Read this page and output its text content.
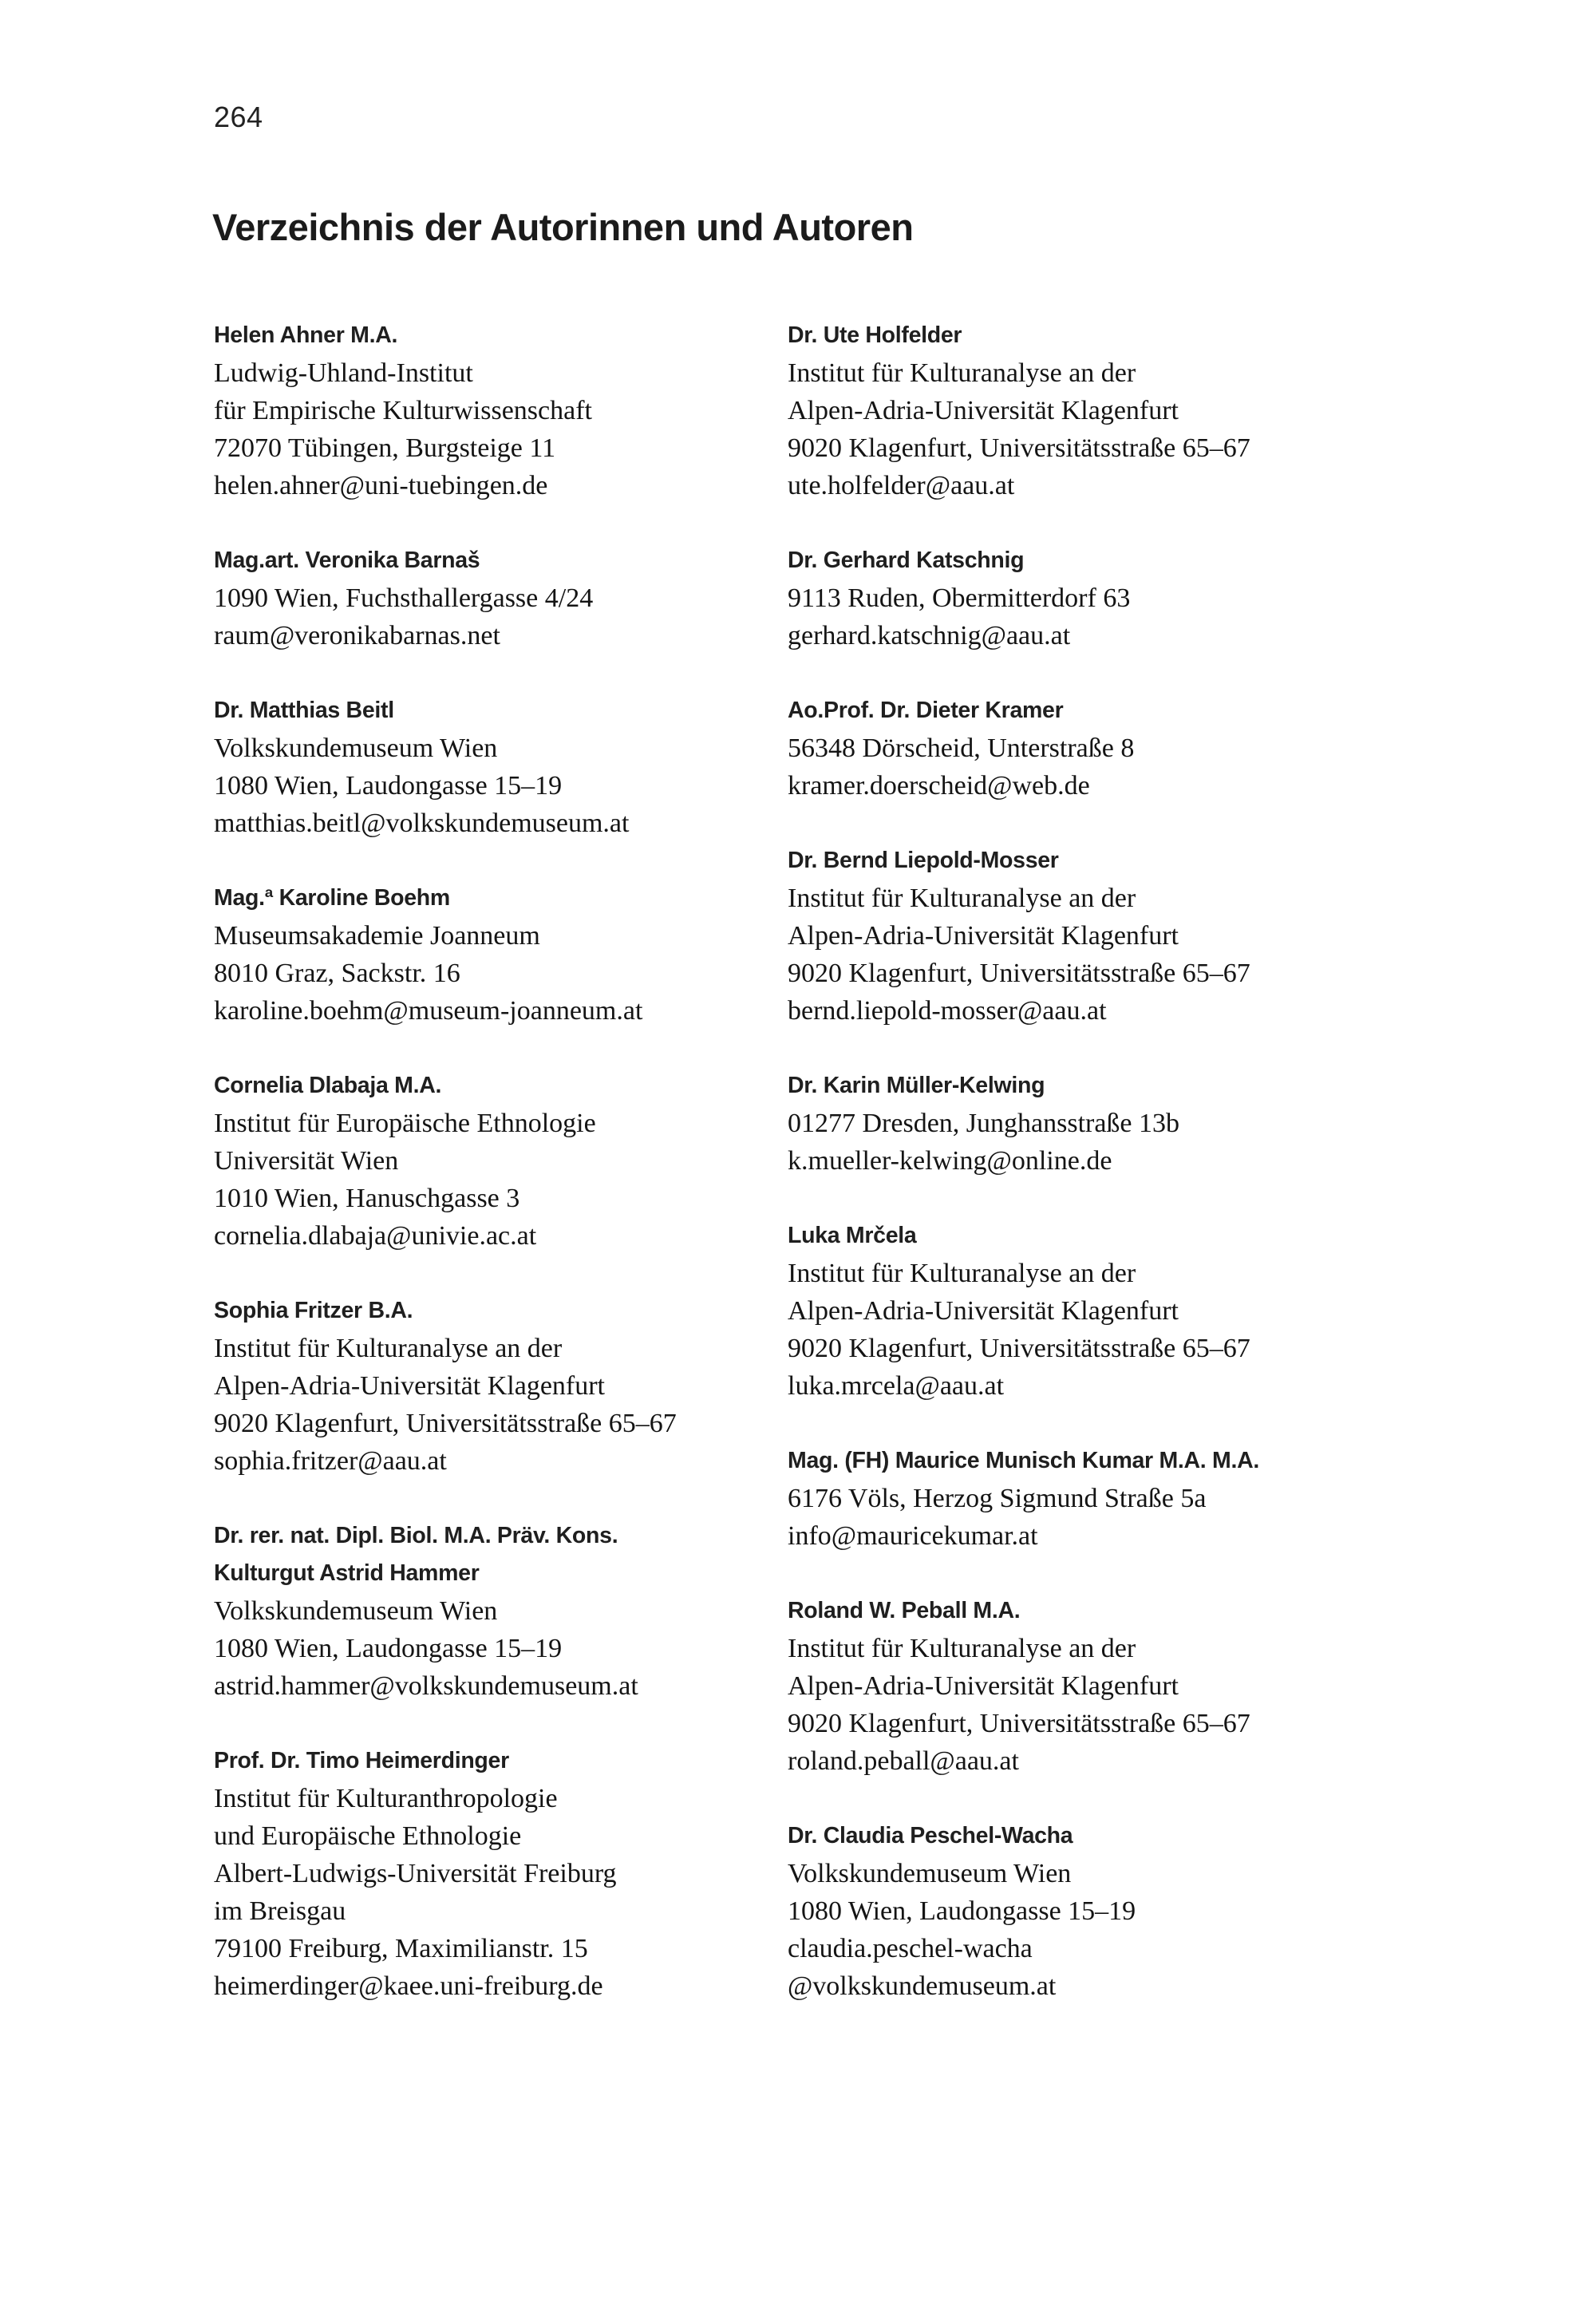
264
Verzeichnis der Autorinnen und Autoren
Helen Ahner M.A.
Ludwig-Uhland-Institut
für Empirische Kulturwissenschaft
72070 Tübingen, Burgsteige 11
helen.ahner@uni-tuebingen.de
Mag.art. Veronika Barnaš
1090 Wien, Fuchsthallergasse 4/24
raum@veronikabarnas.net
Dr. Matthias Beitl
Volkskundemuseum Wien
1080 Wien, Laudongasse 15–19
matthias.beitl@volkskundemuseum.at
Mag.ª Karoline Boehm
Museumsakademie Joanneum
8010 Graz, Sackstr. 16
karoline.boehm@museum-joanneum.at
Cornelia Dlabaja M.A.
Institut für Europäische Ethnologie
Universität Wien
1010 Wien, Hanuschgasse 3
cornelia.dlabaja@univie.ac.at
Sophia Fritzer B.A.
Institut für Kulturanalyse an der
Alpen-Adria-Universität Klagenfurt
9020 Klagenfurt, Universitätsstraße 65–67
sophia.fritzer@aau.at
Dr. rer. nat. Dipl. Biol. M.A. Präv. Kons.
Kulturgut Astrid Hammer
Volkskundemuseum Wien
1080 Wien, Laudongasse 15–19
astrid.hammer@volkskundemuseum.at
Prof. Dr. Timo Heimerdinger
Institut für Kulturanthropologie
und Europäische Ethnologie
Albert-Ludwigs-Universität Freiburg
im Breisgau
79100 Freiburg, Maximilianstr. 15
heimerdinger@kaee.uni-freiburg.de
Dr. Ute Holfelder
Institut für Kulturanalyse an der
Alpen-Adria-Universität Klagenfurt
9020 Klagenfurt, Universitätsstraße 65–67
ute.holfelder@aau.at
Dr. Gerhard Katschnig
9113 Ruden, Obermitterdorf 63
gerhard.katschnig@aau.at
Ao.Prof. Dr. Dieter Kramer
56348 Dörscheid, Unterstraße 8
kramer.doerscheid@web.de
Dr. Bernd Liepold-Mosser
Institut für Kulturanalyse an der
Alpen-Adria-Universität Klagenfurt
9020 Klagenfurt, Universitätsstraße 65–67
bernd.liepold-mosser@aau.at
Dr. Karin Müller-Kelwing
01277 Dresden, Junghansstraße 13b
k.mueller-kelwing@online.de
Luka Mrčela
Institut für Kulturanalyse an der
Alpen-Adria-Universität Klagenfurt
9020 Klagenfurt, Universitätsstraße 65–67
luka.mrcela@aau.at
Mag. (FH) Maurice Munisch Kumar M.A. M.A.
6176 Völs, Herzog Sigmund Straße 5a
info@mauricekumar.at
Roland W. Peball M.A.
Institut für Kulturanalyse an der
Alpen-Adria-Universität Klagenfurt
9020 Klagenfurt, Universitätsstraße 65–67
roland.peball@aau.at
Dr. Claudia Peschel-Wacha
Volkskundemuseum Wien
1080 Wien, Laudongasse 15–19
claudia.peschel-wacha
@volkskundemuseum.at
